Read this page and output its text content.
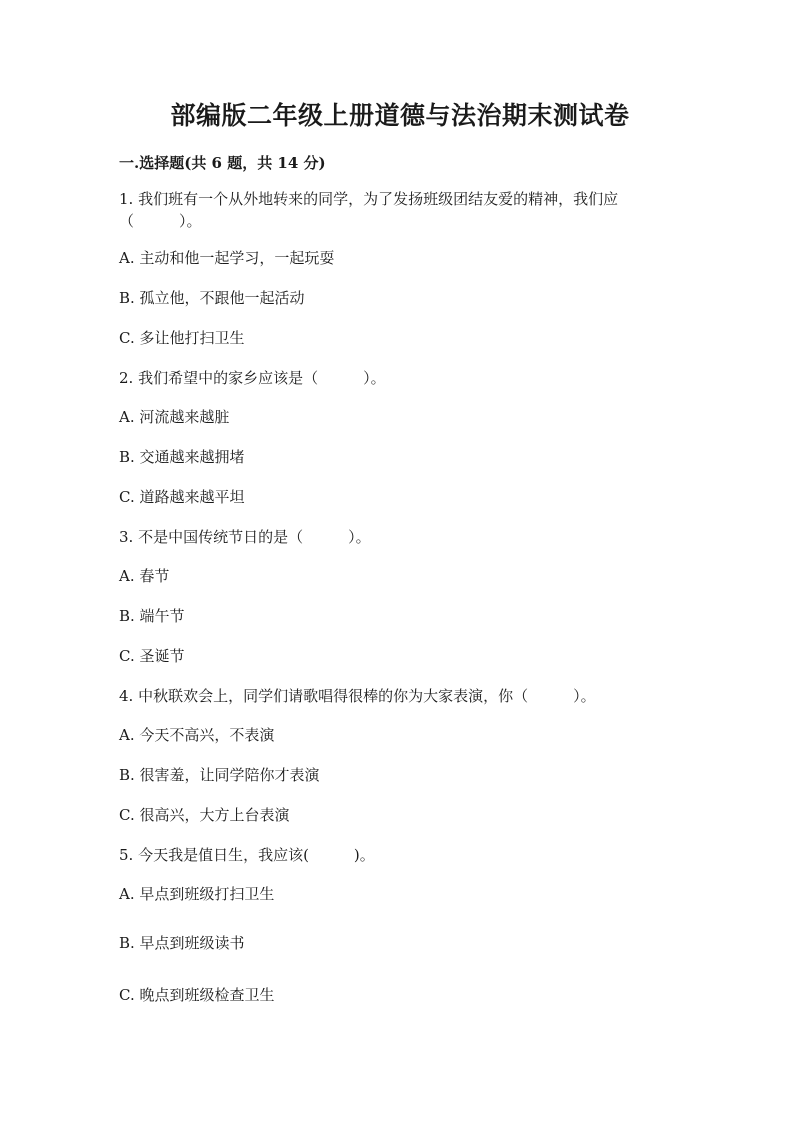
部编版二年级上册道德与法治期末测试卷
一.选择题(共 6 题，共 14 分)
1. 我们班有一个从外地转来的同学，为了发扬班级团结友爱的精神，我们应
（　　　）。
A. 主动和他一起学习，一起玩耍
B. 孤立他，不跟他一起活动
C. 多让他打扫卫生
2. 我们希望中的家乡应该是（　　　）。
A. 河流越来越脏
B. 交通越来越拥堵
C. 道路越来越平坦
3. 不是中国传统节日的是（　　　）。
A. 春节
B. 端午节
C. 圣诞节
4. 中秋联欢会上，同学们请歌唱得很棒的你为大家表演，你（　　　）。
A. 今天不高兴，不表演
B. 很害羞，让同学陪你才表演
C. 很高兴，大方上台表演
5. 今天我是值日生，我应该(　　　)。
A. 早点到班级打扫卫生
B. 早点到班级读书
C. 晚点到班级检查卫生
